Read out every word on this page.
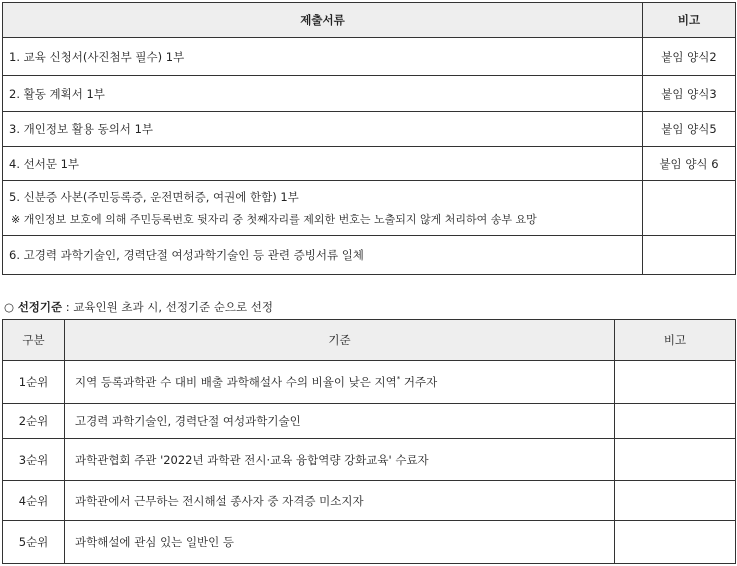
제출서류	비고
1. 교육 신청서(사진첨부 필수) 1부	붙임 양식2
2. 활동 계획서 1부	붙임 양식3
3. 개인정보 활용 동의서 1부	붙임 양식5
4. 선서문 1부	붙임 양식 6

5. 신분증 사본(주민등록증, 운전면허증, 여권에 한함) 1부
※ 개인정보 보호에 의해 주민등록번호 뒷자리 중 첫째자리를 제외한 번호는 노출되지 않게 처리하여 송부 요망	

6. 고경력 과학기술인, 경력단절 여성과학기술인 등 관련 증빙서류 일체	
○ 선정기준 : 교육인원 초과 시, 선정기준 순으로 선정
구분	기준	비고
1순위	지역 등록과학관 수 대비 배출 과학해설사 수의 비율이 낮은 지역* 거주자	
2순위	고경력 과학기술인, 경력단절 여성과학기술인	
3순위	과학관협회 주관 '2022년 과학관 전시·교육 융합역량 강화교육' 수료자	
4순위	과학관에서 근무하는 전시해설 종사자 중 자격증 미소지자	
5순위	과학해설에 관심 있는 일반인 등	
